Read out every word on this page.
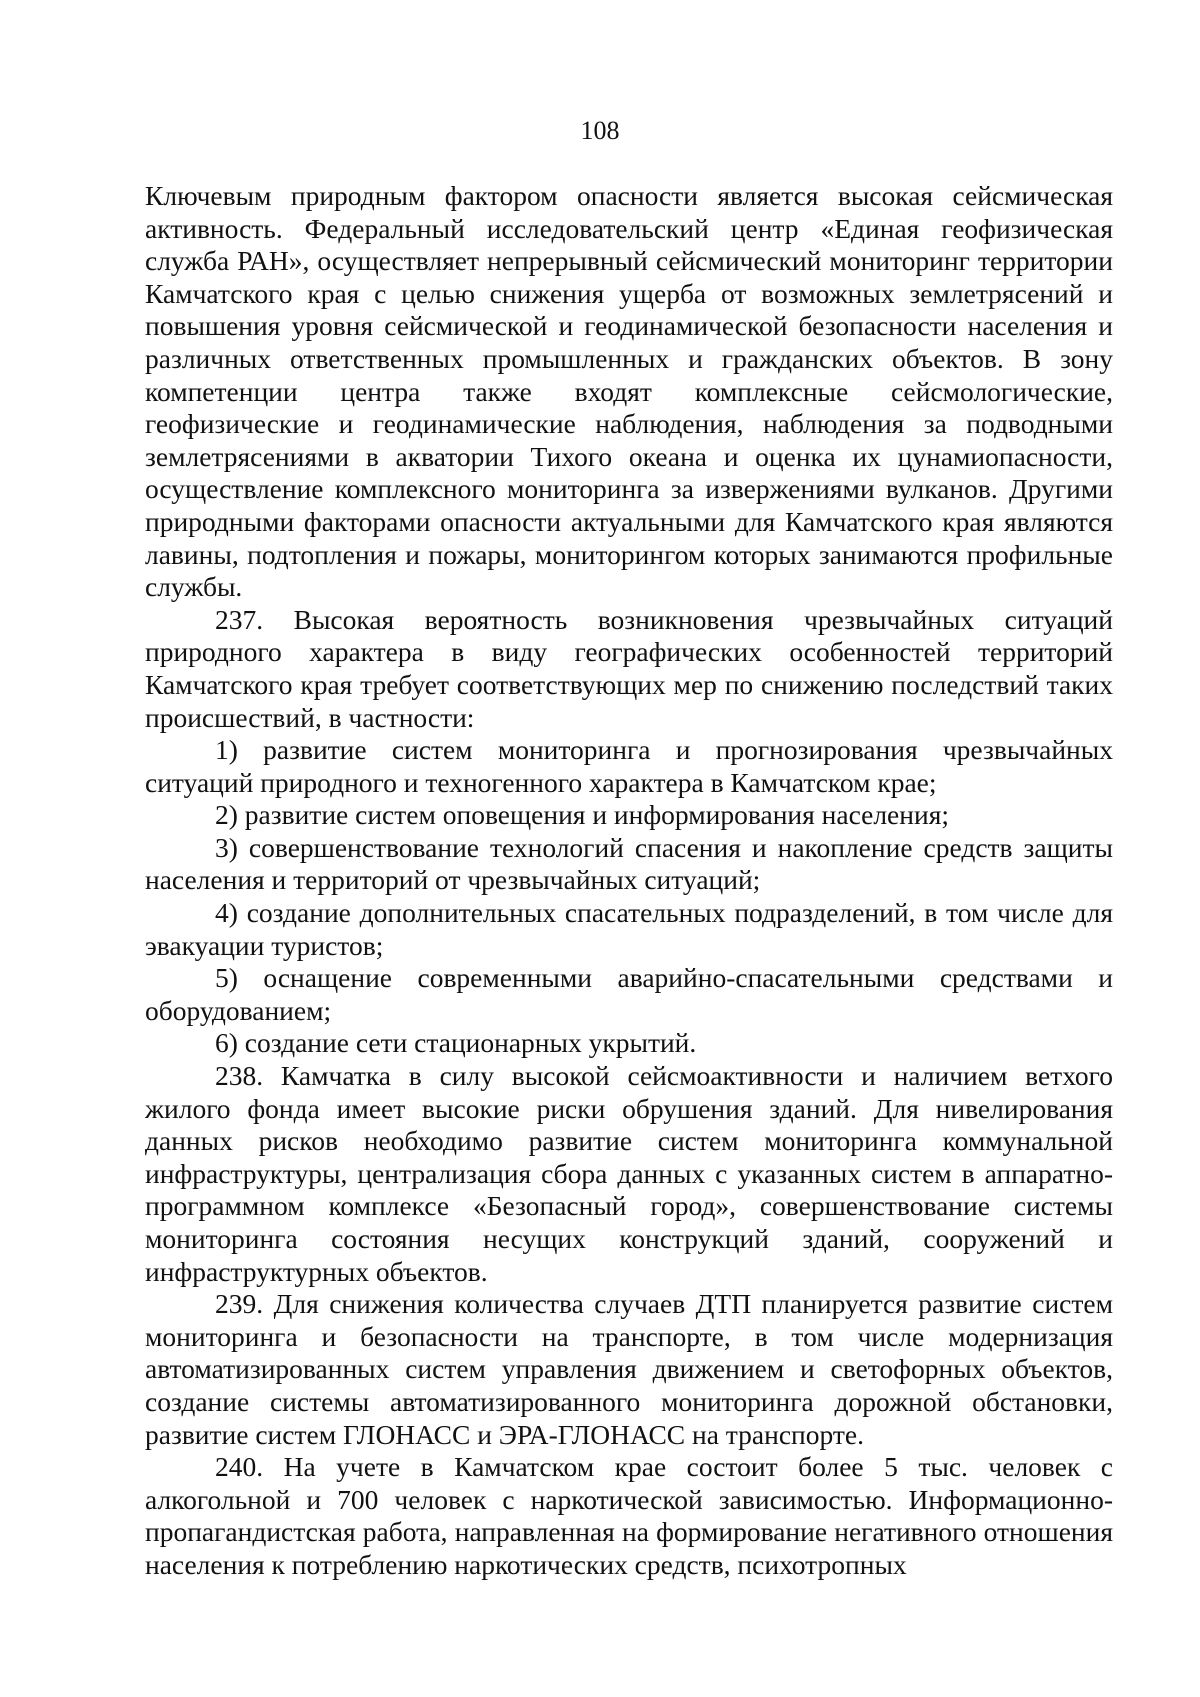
108

Ключевым природным фактором опасности является высокая сейсмическая активность. Федеральный исследовательский центр «Единая геофизическая служба РАН», осуществляет непрерывный сейсмический мониторинг территории Камчатского края с целью снижения ущерба от возможных землетрясений и повышения уровня сейсмической и геодинамической безопасности населения и различных ответственных промышленных и гражданских объектов. В зону компетенции центра также входят комплексные сейсмологические, геофизические и геодинамические наблюдения, наблюдения за подводными землетрясениями в акватории Тихого океана и оценка их цунамиопасности, осуществление комплексного мониторинга за извержениями вулканов. Другими природными факторами опасности актуальными для Камчатского края являются лавины, подтопления и пожары, мониторингом которых занимаются профильные службы.

237. Высокая вероятность возникновения чрезвычайных ситуаций природного характера в виду географических особенностей территорий Камчатского края требует соответствующих мер по снижению последствий таких происшествий, в частности:

1) развитие систем мониторинга и прогнозирования чрезвычайных ситуаций природного и техногенного характера в Камчатском крае;

2) развитие систем оповещения и информирования населения;

3) совершенствование технологий спасения и накопление средств защиты населения и территорий от чрезвычайных ситуаций;

4) создание дополнительных спасательных подразделений, в том числе для эвакуации туристов;

5) оснащение современными аварийно-спасательными средствами и оборудованием;

6) создание сети стационарных укрытий.

238. Камчатка в силу высокой сейсмоактивности и наличием ветхого жилого фонда имеет высокие риски обрушения зданий. Для нивелирования данных рисков необходимо развитие систем мониторинга коммунальной инфраструктуры, централизация сбора данных с указанных систем в аппаратно-программном комплексе «Безопасный город», совершенствование системы мониторинга состояния несущих конструкций зданий, сооружений и инфраструктурных объектов.

239. Для снижения количества случаев ДТП планируется развитие систем мониторинга и безопасности на транспорте, в том числе модернизация автоматизированных систем управления движением и светофорных объектов, создание системы автоматизированного мониторинга дорожной обстановки, развитие систем ГЛОНАСС и ЭРА-ГЛОНАСС на транспорте.

240. На учете в Камчатском крае состоит более 5 тыс. человек с алкогольной и 700 человек с наркотической зависимостью. Информационно-пропагандистская работа, направленная на формирование негативного отношения населения к потреблению наркотических средств, психотропных
